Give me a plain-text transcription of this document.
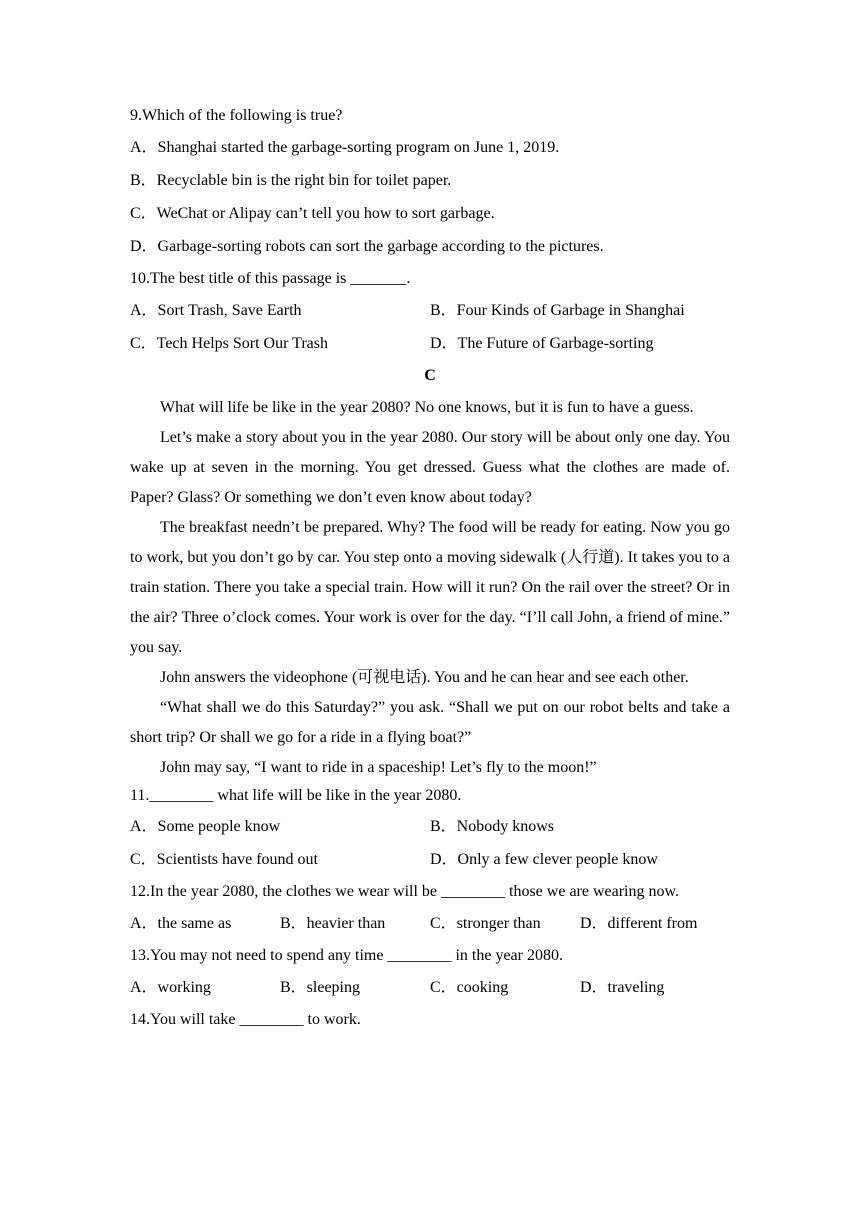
9.Which of the following is true?
A．Shanghai started the garbage-sorting program on June 1, 2019.
B．Recyclable bin is the right bin for toilet paper.
C．WeChat or Alipay can’t tell you how to sort garbage.
D．Garbage-sorting robots can sort the garbage according to the pictures.
10.The best title of this passage is _______.
A．Sort Trash, Save Earth	B．Four Kinds of Garbage in Shanghai
C．Tech Helps Sort Our Trash	D．The Future of Garbage-sorting
C

What will life be like in the year 2080? No one knows, but it is fun to have a guess.

Let’s make a story about you in the year 2080. Our story will be about only one day. You wake up at seven in the morning. You get dressed. Guess what the clothes are made of. Paper? Glass? Or something we don’t even know about today?

The breakfast needn’t be prepared. Why? The food will be ready for eating. Now you go to work, but you don’t go by car. You step onto a moving sidewalk (人行道). It takes you to a train station. There you take a special train. How will it run? On the rail over the street? Or in the air? Three o’clock comes. Your work is over for the day. “I’ll call John, a friend of mine.” you say.

John answers the videophone (可视电话). You and he can hear and see each other.

“What shall we do this Saturday?” you ask. “Shall we put on our robot belts and take a short trip? Or shall we go for a ride in a flying boat?”

John may say, “I want to ride in a spaceship! Let’s fly to the moon!”

11.________ what life will be like in the year 2080.
A．Some people know	B．Nobody knows
C．Scientists have found out	D．Only a few clever people know
12.In the year 2080, the clothes we wear will be ________ those we are wearing now.
A．the same as	B．heavier than	C．stronger than D．different from
13.You may not need to spend any time ________ in the year 2080.
A．working	B．sleeping	C．cooking	D．traveling
14.You will take ________ to work.
